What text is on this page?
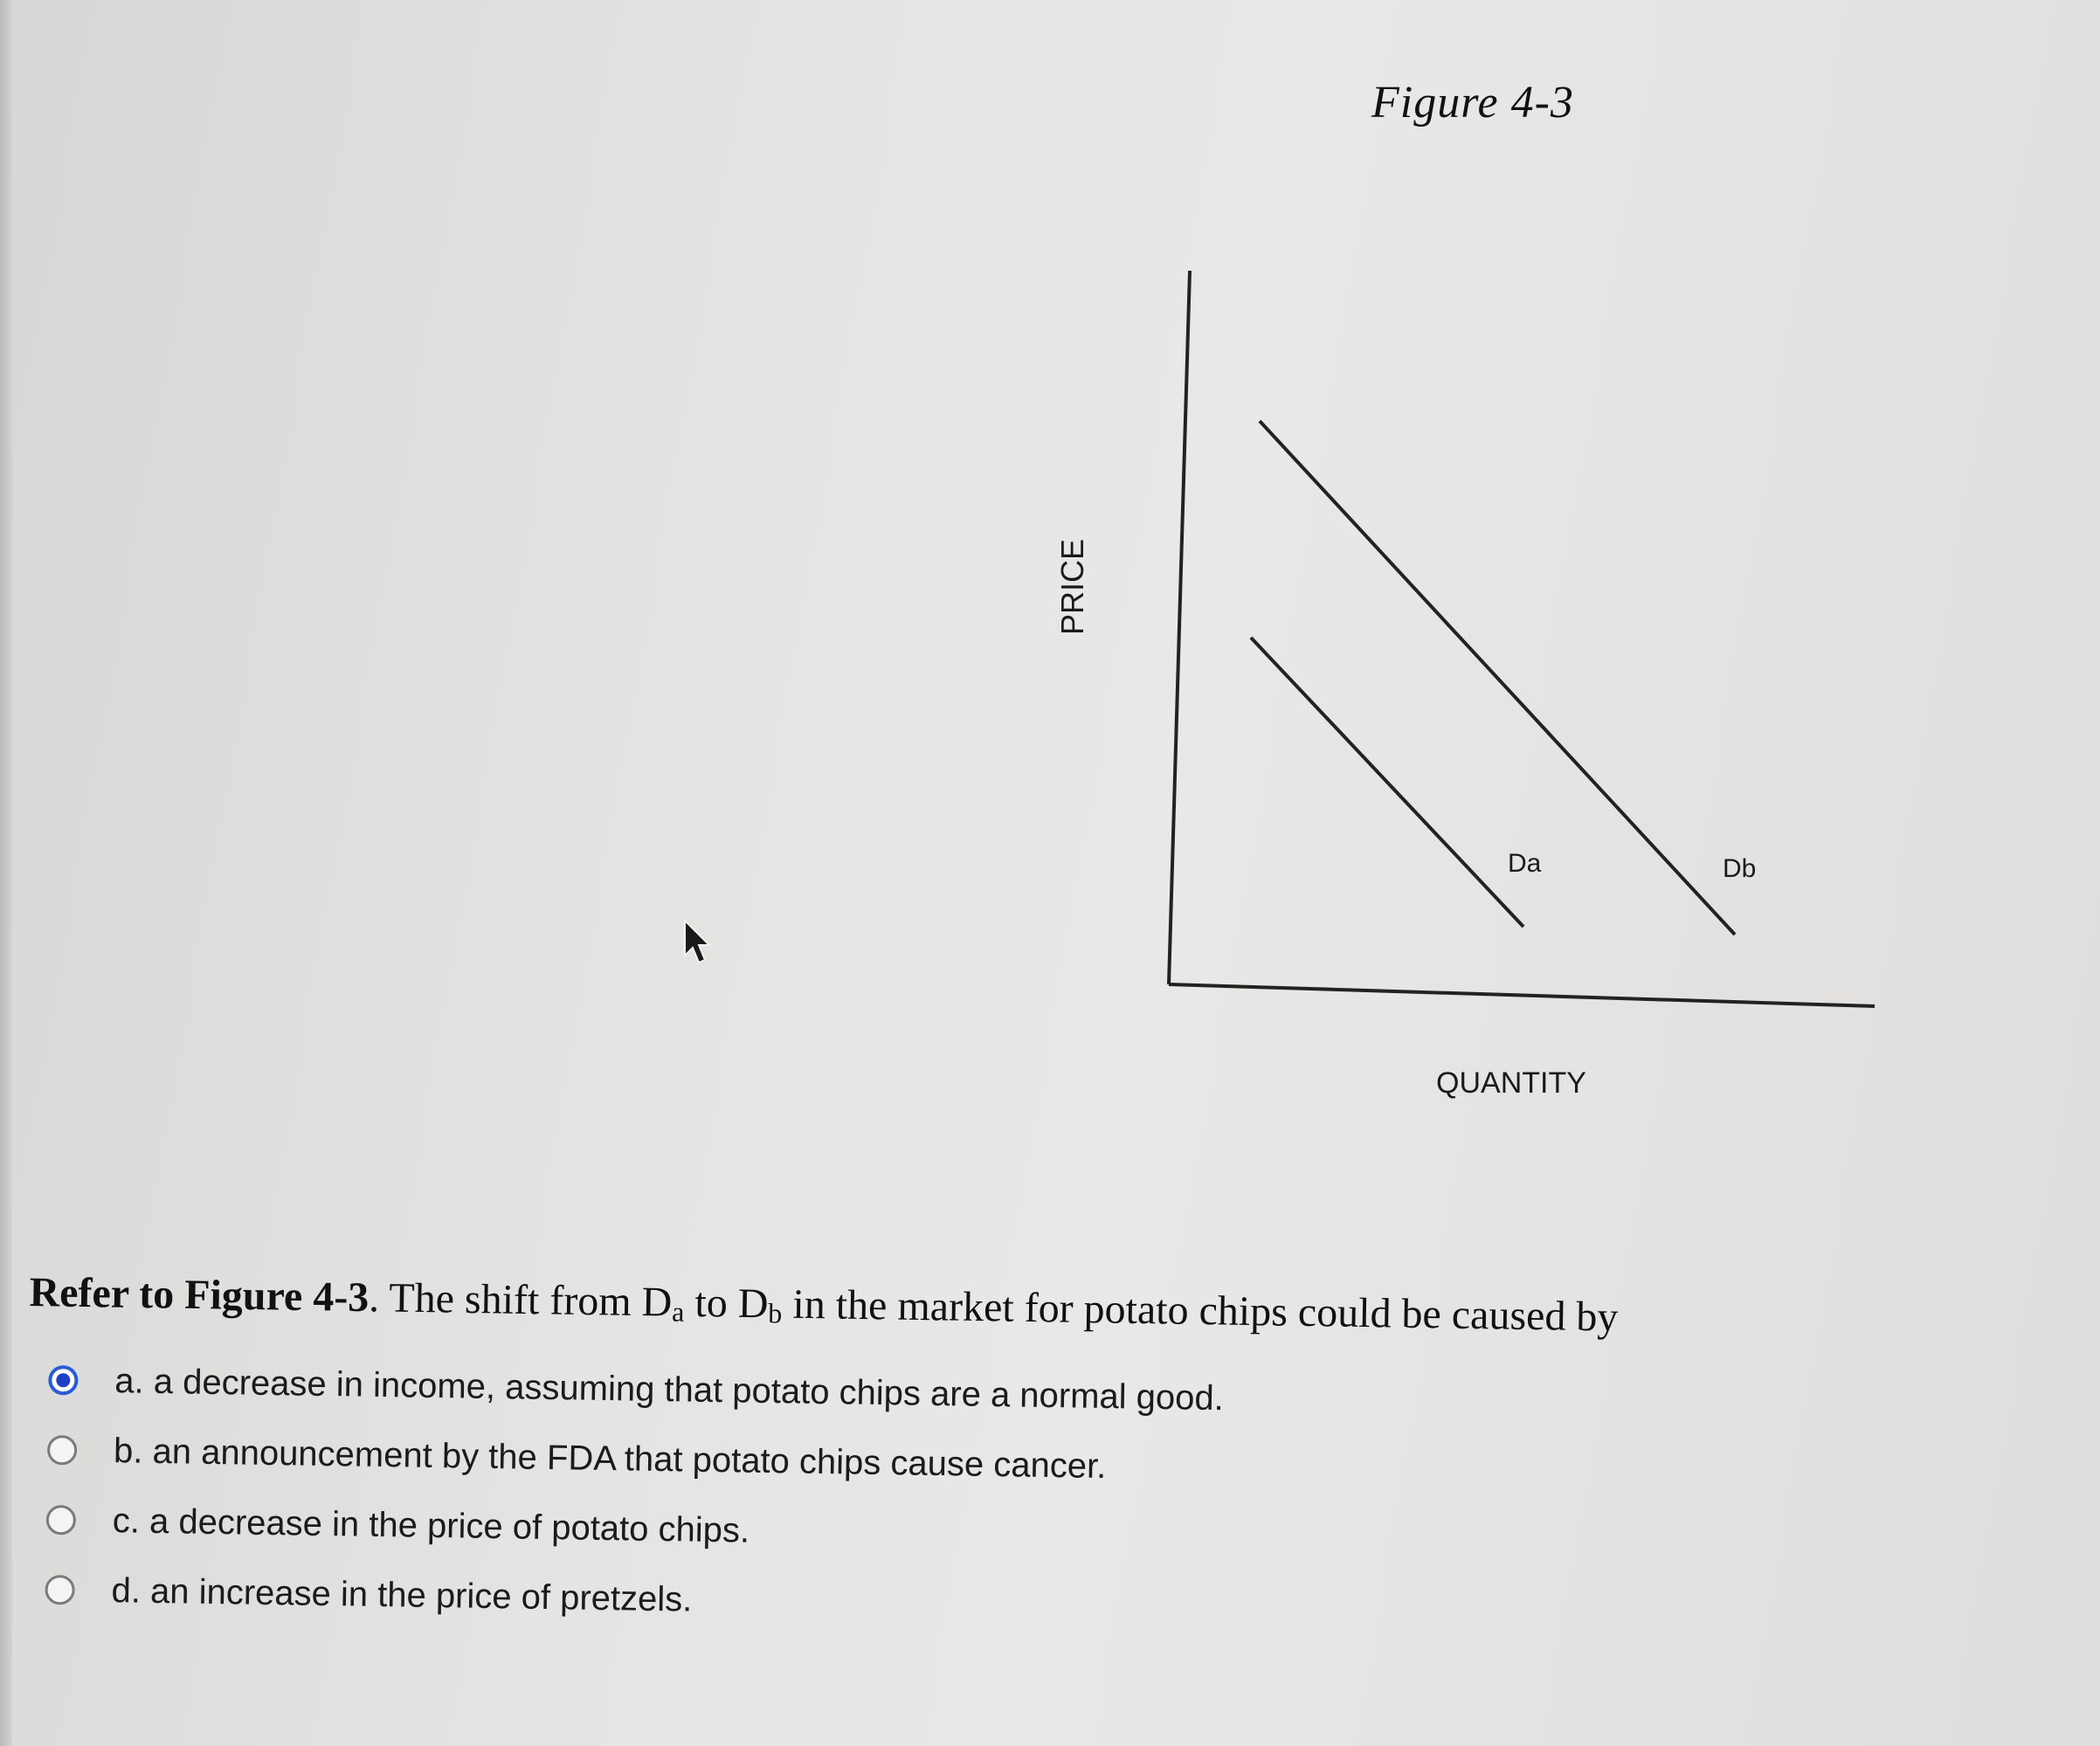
Figure 4-3
PRICE
QUANTITY
Da	Db
Refer to Figure 4-3. The shift from $D_a$ to $D_b$ in the market for potato chips could be caused by
a. a decrease in income, assuming that potato chips are a normal good.
b. an announcement by the FDA that potato chips cause cancer.
c. a decrease in the price of potato chips.
d. an increase in the price of pretzels.
